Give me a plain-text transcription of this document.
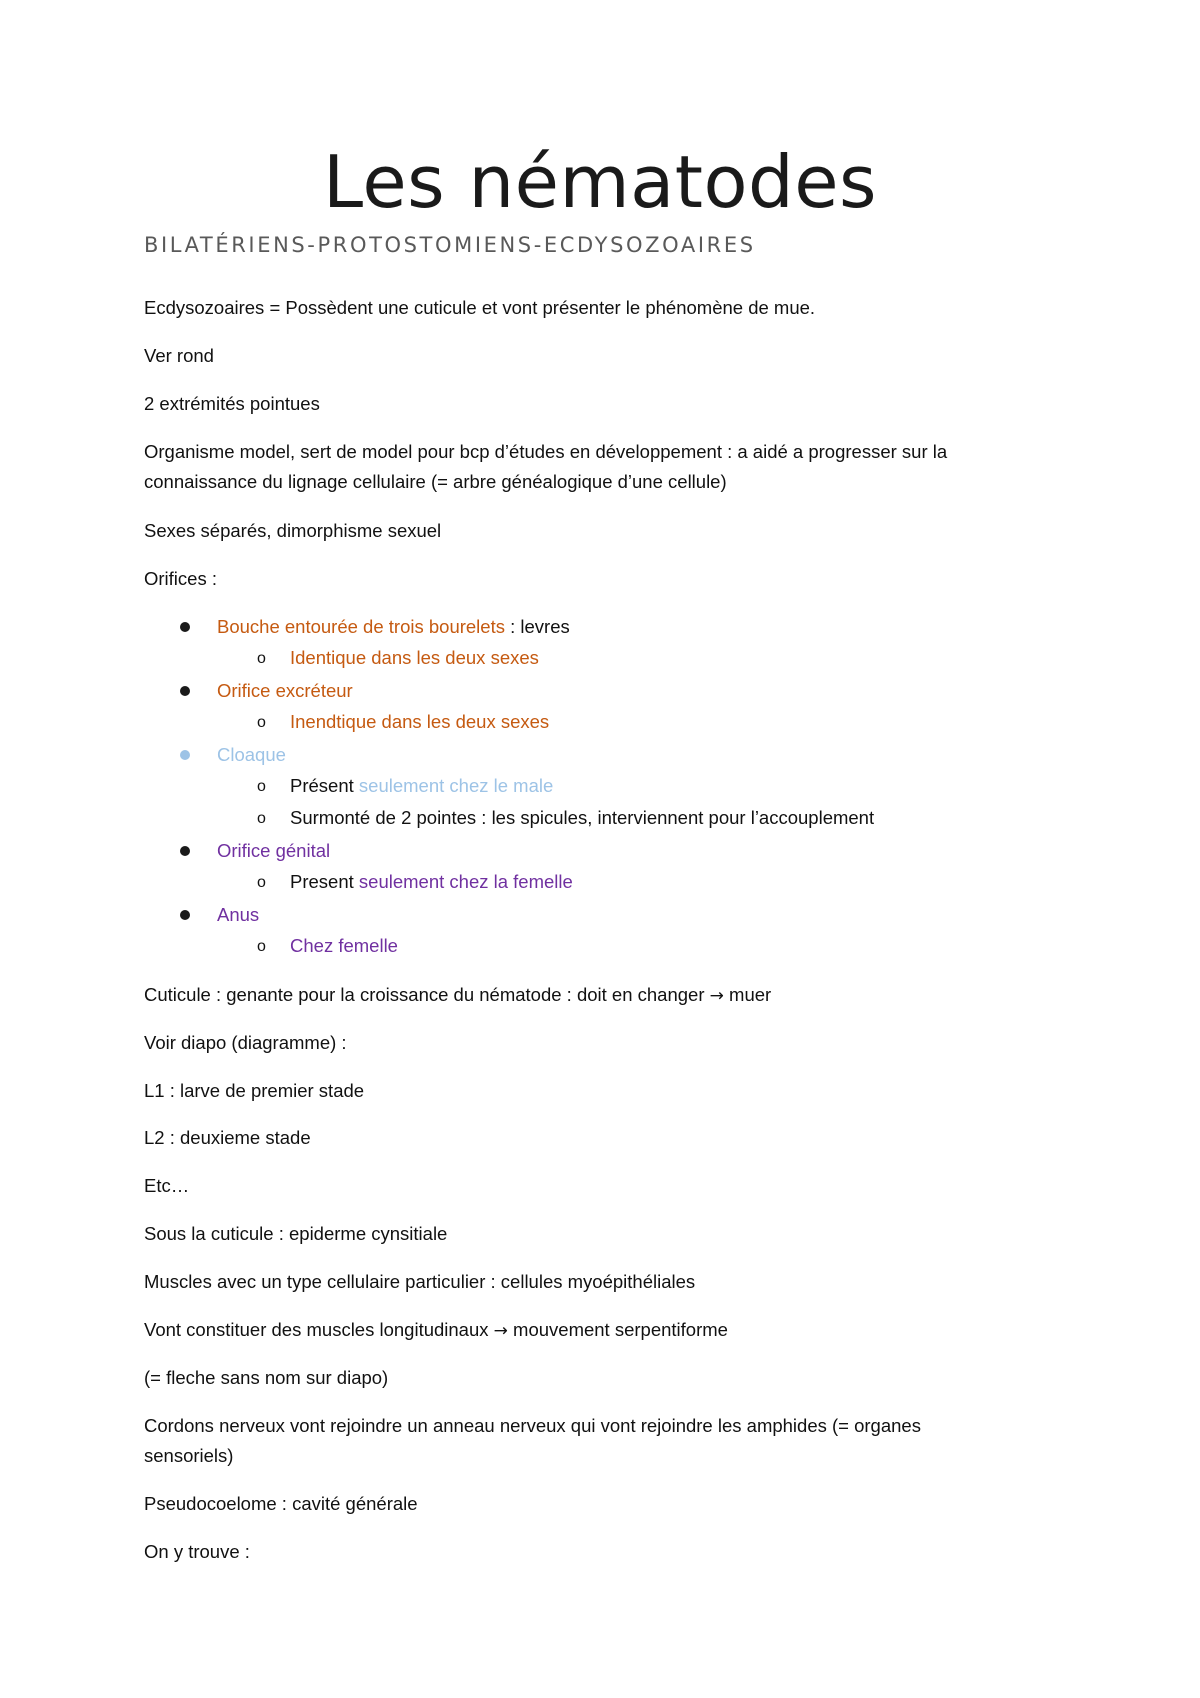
Les nématodes
BILATÉRIENS-PROTOSTOMIENS-ECDYSOZOAIRES
Ecdysozoaires = Possèdent une cuticule et vont présenter le phénomène de mue.
Ver rond
2 extrémités pointues
Organisme model, sert de model pour bcp d’études en développement : a aidé a progresser sur la
connaissance du lignage cellulaire (= arbre généalogique d’une cellule)
Sexes séparés, dimorphisme sexuel
Orifices :
Bouche entourée de trois bourelets : levres
o Identique dans les deux sexes
Orifice excréteur
o Inendtique dans les deux sexes
Cloaque
o Présent seulement chez le male
o Surmonté de 2 pointes : les spicules, interviennent pour l’accouplement
Orifice génital
o Present seulement chez la femelle
Anus
o Chez femelle
Cuticule : genante pour la croissance du nématode : doit en changer → muer
Voir diapo (diagramme) :
L1 : larve de premier stade
L2 : deuxieme stade
Etc…
Sous la cuticule : epiderme cynsitiale
Muscles avec un type cellulaire particulier : cellules myoépithéliales
Vont constituer des muscles longitudinaux → mouvement serpentiforme
(= fleche sans nom sur diapo)
Cordons nerveux vont rejoindre un anneau nerveux qui vont rejoindre les amphides (= organes
sensoriels)
Pseudocoelome : cavité générale
On y trouve :
